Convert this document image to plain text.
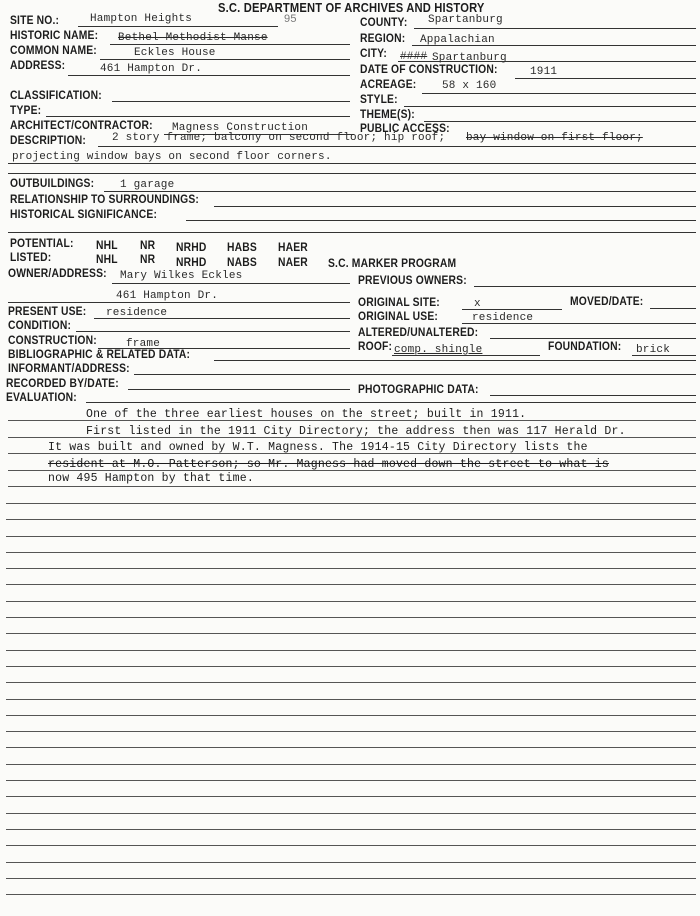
S.C. DEPARTMENT OF ARCHIVES AND HISTORY
95
SITE NO.:	Hampton Heights
HISTORIC NAME: Bethel Methodist Manse
COMMON NAME:	Eckles House
ADDRESS:	461 Hampton Dr.
COUNTY: Spartanburg
REGION: Appalachian
CITY: #### Spartanburg
DATE OF CONSTRUCTION:	1911
ACREAGE: 58 x 160
CLASSIFICATION:	STYLE:
TYPE:	THEME(S):
ARCHITECT/CONTRACTOR: Magness Construction	PUBLIC ACCESS:
DESCRIPTION: 2 story frame; balcony on second floor; hip roof; bay window on first floor;
projecting window bays on second floor corners.
OUTBUILDINGS: 1 garage
RELATIONSHIP TO SURROUNDINGS:
HISTORICAL SIGNIFICANCE:
POTENTIAL: NHL NR NRHD HABS HAER
LISTED:	NHL NR NRHD NABS NAER S.C. MARKER PROGRAM
OWNER/ADDRESS: Mary Wilkes Eckles	PREVIOUS OWNERS:
461 Hampton Dr.	ORIGINAL SITE:	x	MOVED/DATE:
PRESENT USE: residence	ORIGINAL USE:	residence
CONDITION:	ALTERED/UNALTERED:
CONSTRUCTION:	frame	ROOF: comp. shingle	FOUNDATION: brick
BIBLIOGRAPHIC & RELATED DATA:
INFORMANT/ADDRESS:
RECORDED BY/DATE:	PHOTOGRAPHIC DATA:
EVALUATION:
One of the three earliest houses on the street; built in 1911.
First listed in the 1911 City Directory; the address then was 117 Herald Dr.
It was built and owned by W.T. Magness. The 1914-15 City Directory lists the
resident at M.O. Patterson; so Mr. Magness had moved down the street to what is
now 495 Hampton by that time.
